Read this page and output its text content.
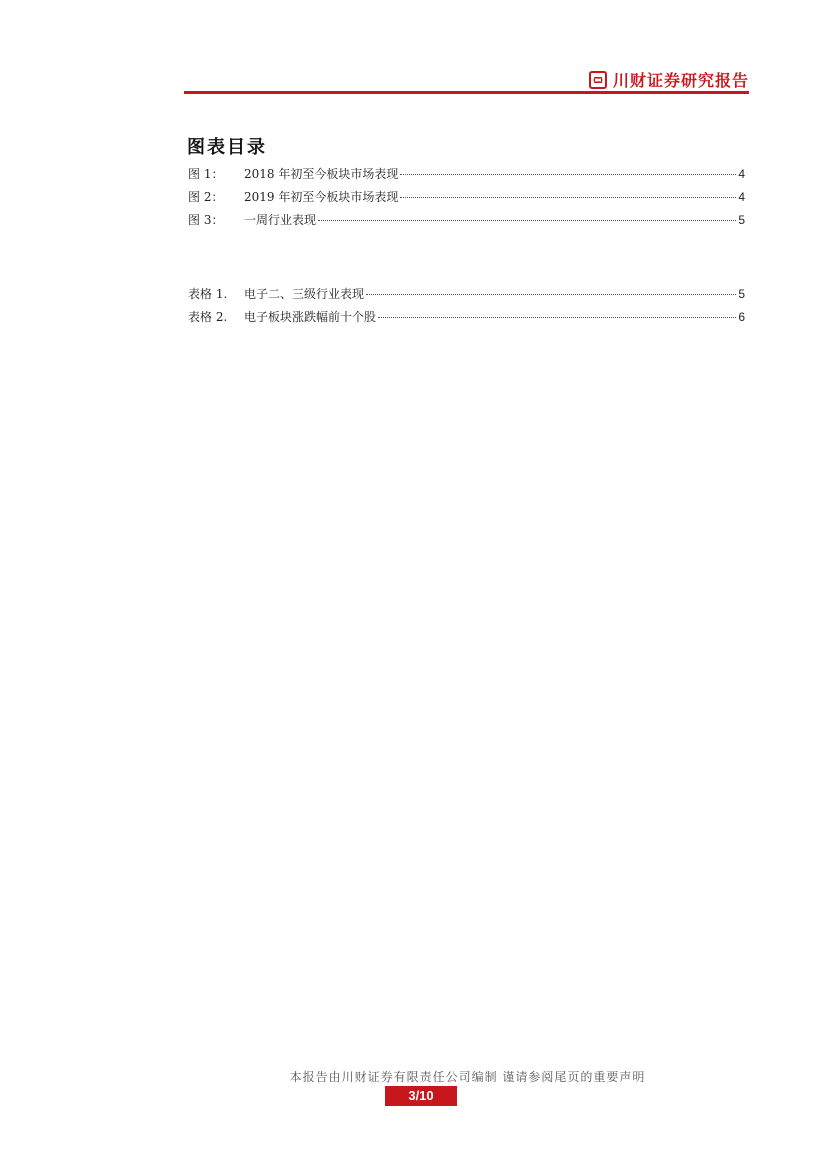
川财证券研究报告
图表目录
图 1：	2018 年初至今板块市场表现	4
图 2：	2019 年初至今板块市场表现	4
图 3：	一周行业表现	5
表格 1.	电子二、三级行业表现	5
表格 2.	电子板块涨跌幅前十个股	6
本报告由川财证券有限责任公司编制 谨请参阅尾页的重要声明
3/10
